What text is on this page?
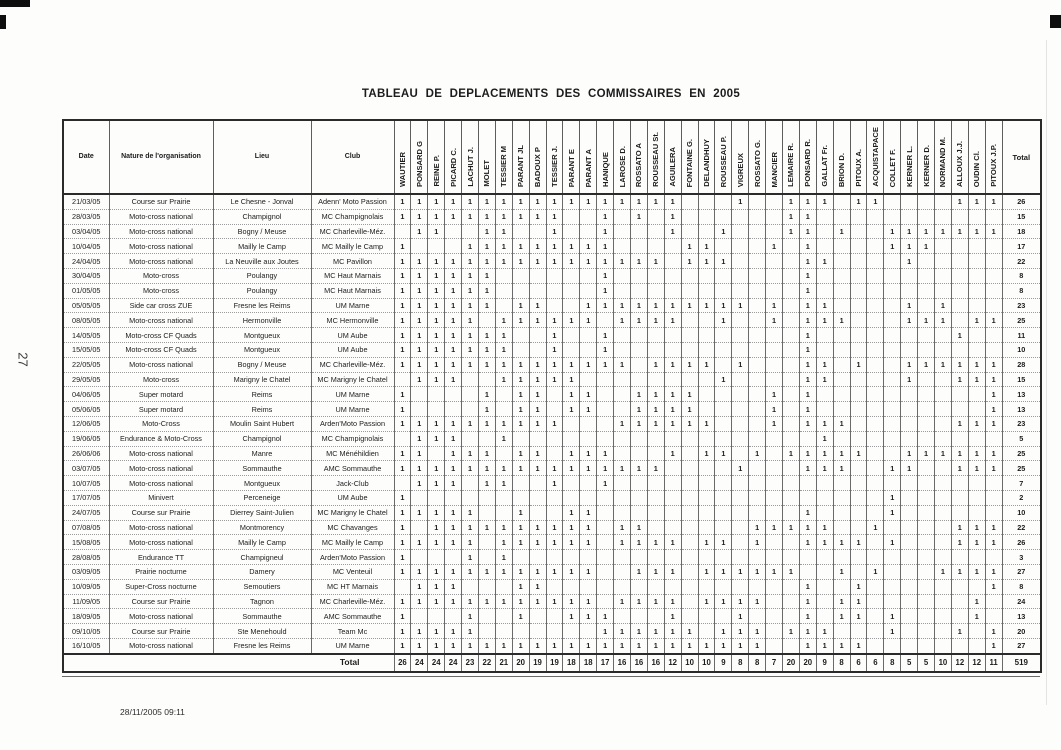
TABLEAU DE DEPLACEMENTS DES COMMISSAIRES EN 2005
27
Date	Nature de l'organisation	Lieu	Club	WAUTIER	PONSARD G	REINE P.	PICARD C.	LACHUT J.	MOLET	TESSIER M	PARANT JL	BADOUX P	TESSIER J.	PARANT E	PARANT A	HANIQUE	LAROSE D.	ROSSATO A	ROUSSEAU St.	AGUILERA	FONTAINE G.	DELANDHUY	ROUSSEAU P.	VIGREUX	ROSSATO G.	MANCIER	LEMAIRE R.	PONSARD R.	GALLAT Fr.	BRION D.	PITOUX A.	ACQUISTAPACE	COLLET F.	KERNER L.	KERNER D.	NORMAND M.	ALLOUX J.J.	OUDIN Cl.	PITOUX J.P.	Total
21/03/05	Course sur Prairie	Le Chesne - Jonval	Adenn' Moto Passion	1	1	1	1	1	1	1	1	1	1	1	1	1	1	1	1	1				1			1	1	1		1	1					1	1	1	26
28/03/05	Moto-cross national	Champignol	MC Champignolais	1	1	1	1	1	1	1	1	1	1			1		1		1							1	1												15
03/04/05	Moto-cross national	Bogny / Meuse	MC Charleville-Méz.		1	1			1	1			1			1				1			1				1	1		1			1	1	1	1	1	1	1	18
10/04/05	Moto-cross national	Mailly le Camp	MC Mailly le Camp	1				1	1	1	1	1	1	1	1	1					1	1				1		1					1	1	1					17
24/04/05	Moto-cross national	La Neuville aux Joutes	MC Pavillon	1	1	1	1	1	1	1	1	1	1	1	1	1	1	1	1		1	1	1					1	1					1						22
30/04/05	Moto-cross	Poulangy	MC Haut Marnais	1	1	1	1	1	1							1												1												8
01/05/05	Moto-cross	Poulangy	MC Haut Marnais	1	1	1	1	1	1							1												1												8
05/05/05	Side car cross ZUE	Fresne les Reims	UM Marne	1	1	1	1	1	1		1	1			1	1	1	1	1	1	1	1	1	1		1		1	1					1		1				23
08/05/05	Moto-cross national	Hermonville	MC Hermonville	1	1	1	1	1		1	1	1	1	1	1		1	1	1	1			1			1		1	1	1				1	1	1		1	1	25
14/05/05	Moto-cross CF Quads	Montgueux	UM Aube	1	1	1	1	1	1	1			1			1												1									1			11
15/05/05	Moto-cross CF Quads	Montgueux	UM Aube	1	1	1	1	1	1	1			1			1												1												10
22/05/05	Moto-cross national	Bogny / Meuse	MC Charleville-Méz.	1	1	1	1	1	1	1	1	1	1	1	1	1	1		1	1	1	1		1				1	1		1			1	1	1	1	1	1	28
29/05/05	Moto-cross	Marigny le Chatel	MC Marigny le Chatel		1	1	1			1	1	1	1	1									1					1	1					1			1	1	1	15
04/06/05	Super motard	Reims	UM Marne	1					1		1	1		1	1			1	1	1	1					1		1											1	13
05/06/05	Super motard	Reims	UM Marne	1					1		1	1		1	1			1	1	1	1					1		1											1	13
12/06/05	Moto-Cross	Moulin Saint Hubert	Arden'Moto Passion	1	1	1	1	1	1	1	1	1	1				1	1	1	1	1	1				1		1	1	1							1	1	1	23
19/06/05	Endurance & Moto-Cross	Champignol	MC Champignolais		1	1	1			1																			1											5
26/06/06	Moto-cross national	Manre	MC Ménéhildien	1	1		1	1	1		1	1		1	1	1				1		1	1		1		1	1	1	1	1			1	1	1	1	1	1	25
03/07/05	Moto-cross national	Sommauthe	AMC Sommauthe	1	1	1	1	1	1	1	1	1	1	1	1	1	1	1	1					1				1	1	1			1	1			1	1	1	25
10/07/05	Moto-cross national	Montgueux	Jack-Club		1	1	1		1	1			1			1																								7
17/07/05	Minivert	Perceneige	UM Aube	1																													1							2
24/07/05	Course sur Prairie	Dierrey Saint-Julien	MC Marigny le Chatel	1	1	1	1	1			1			1	1													1					1							10
07/08/05	Moto-cross national	Montmorency	MC Chavanges	1		1	1	1	1	1	1	1	1	1	1		1	1							1	1	1	1	1			1					1	1	1	22
15/08/05	Moto-cross national	Mailly le Camp	MC Mailly le Camp	1	1	1	1	1		1	1	1	1	1	1		1	1	1	1		1	1		1			1	1	1	1		1				1	1	1	26
28/08/05	Endurance TT	Champigneul	Arden'Moto Passion	1				1		1																														3
03/09/05	Prairie nocturne	Damery	MC Venteuil	1	1	1	1	1	1	1	1	1	1	1	1			1	1	1		1	1	1	1	1	1			1		1				1	1	1	1	27
10/09/05	Super-Cross nocturne	Semoutiers	MC HT Marnais		1	1	1				1	1																1			1								1	8
11/09/05	Course sur Prairie	Tagnon	MC Charleville-Méz.	1	1	1	1	1	1	1	1	1	1	1	1		1	1	1	1		1	1	1	1			1		1	1							1		24
18/09/05	Moto-cross national	Sommauthe	AMC Sommauthe	1				1			1			1	1	1				1				1				1		1	1		1					1		13
09/10/05	Course sur Prairie	Ste Menehould	Team Mc	1	1	1	1	1								1	1	1	1	1	1		1	1	1		1	1	1				1				1		1	20
16/10/05	Moto-cross national	Fresne les Reims	UM Marne	1	1	1	1	1	1	1	1	1	1	1	1	1	1	1	1	1	1	1	1	1	1			1	1	1	1								1	27
Total				26	24	24	24	23	22	21	20	19	19	18	18	17	16	16	16	12	10	10	9	8	8	7	20	20	9	8	6	6	8	5	5	10	12	12	11	519
28/11/2005 09:11
